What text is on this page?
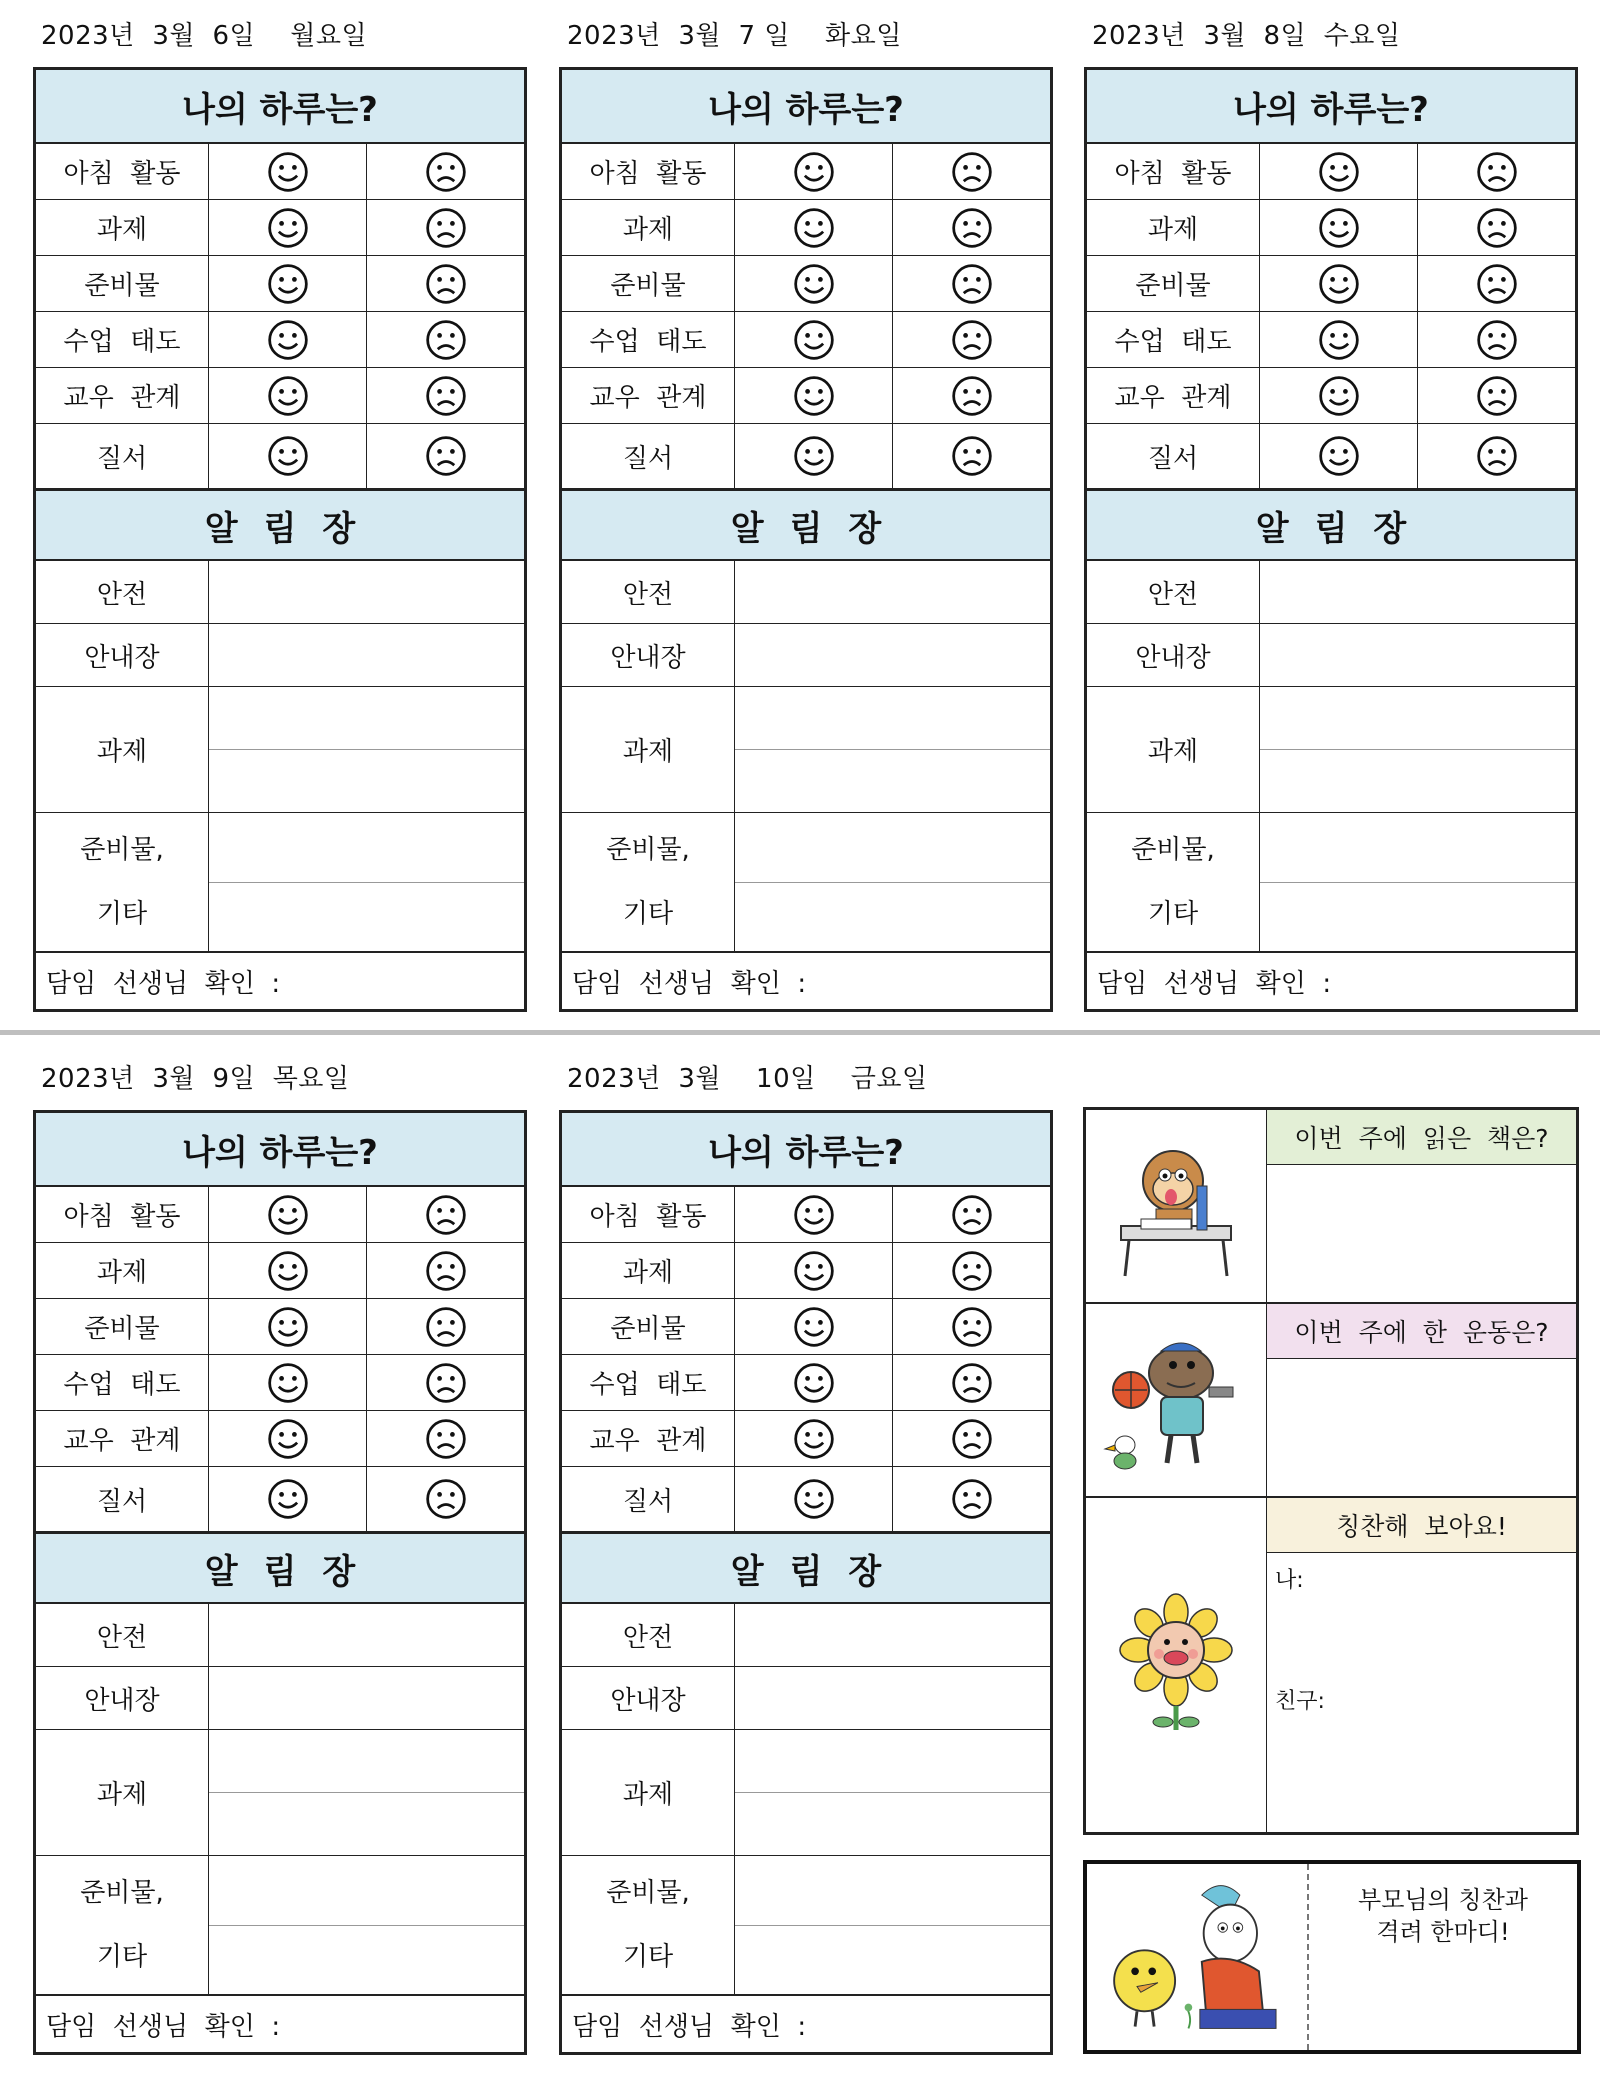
2023년  3월  6일    월요일
나의 하루는?
아침  활동
과제
준비물
수업  태도
교우  관계
질서
알림장
안전
안내장
과제
준비물,
기타
담임  선생님  확인  :
2023년  3월  7 일    화요일
나의 하루는?
아침  활동
과제
준비물
수업  태도
교우  관계
질서
알림장
안전
안내장
과제
준비물,
기타
담임  선생님  확인  :
2023년  3월  8일  수요일
나의 하루는?
아침  활동
과제
준비물
수업  태도
교우  관계
질서
알림장
안전
안내장
과제
준비물,
기타
담임  선생님  확인  :
2023년  3월  9일  목요일
나의 하루는?
아침  활동
과제
준비물
수업  태도
교우  관계
질서
알림장
안전
안내장
과제
준비물,
기타
담임  선생님  확인  :
2023년  3월    10일    금요일
나의 하루는?
아침  활동
과제
준비물
수업  태도
교우  관계
질서
알림장
안전
안내장
과제
준비물,
기타
담임  선생님  확인  :
이번  주에  읽은  책은?
이번  주에  한  운동은?
칭찬해  보아요!
나:
친구:
부모님의 칭찬과
격려 한마디!
